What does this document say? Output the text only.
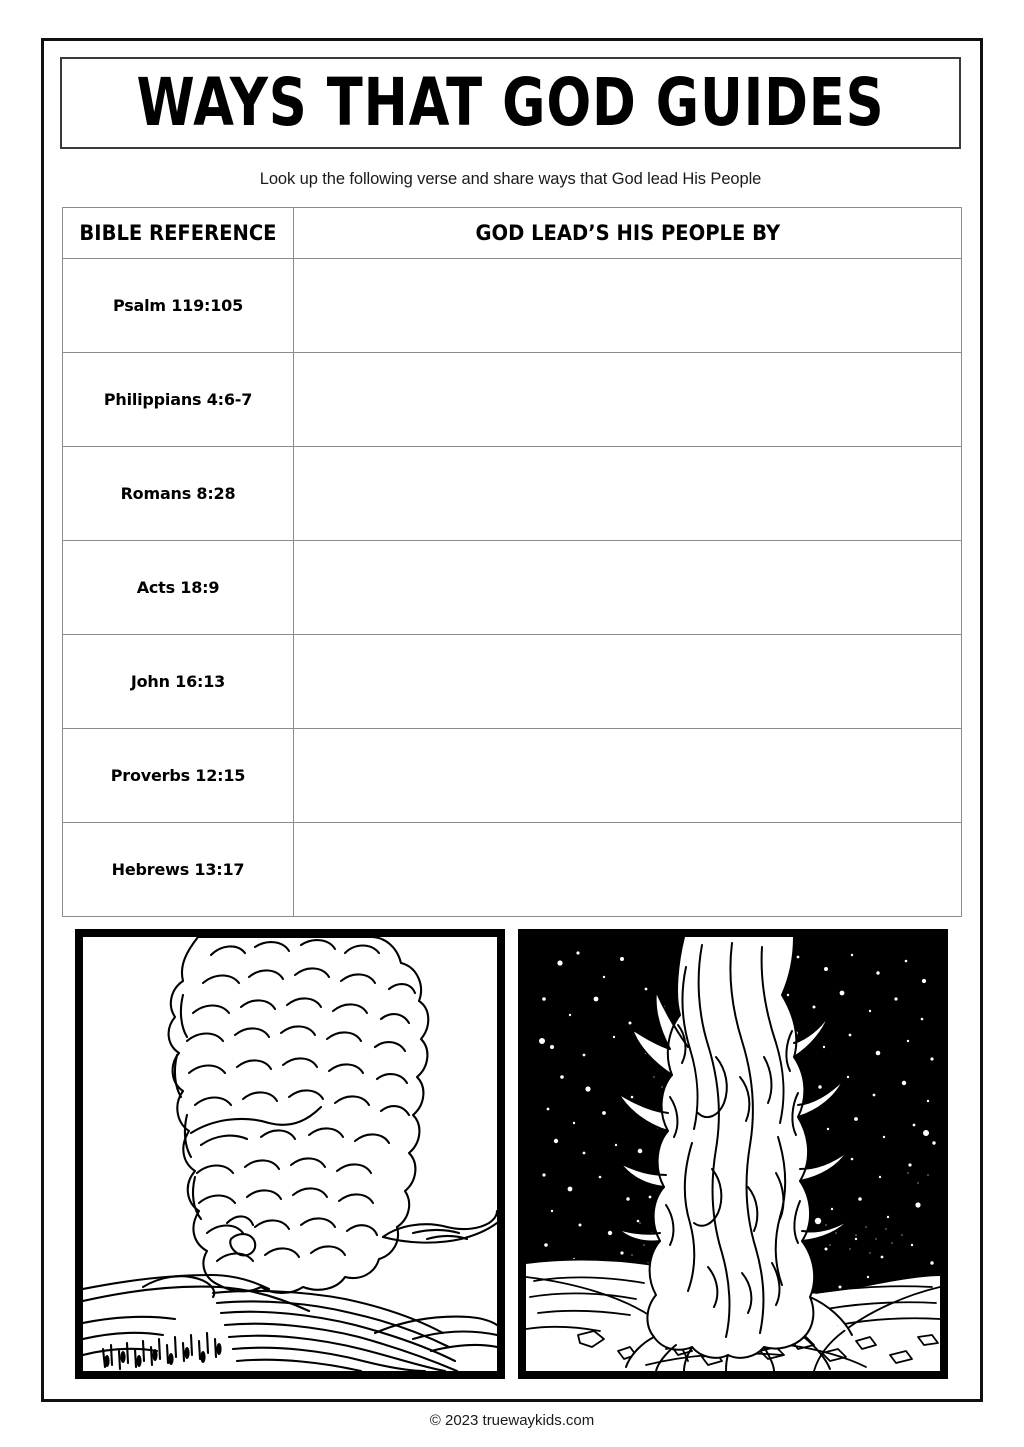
WAYS THAT GOD GUIDES
Look up the following verse and share ways that God lead His People
BIBLE REFERENCE	GOD LEAD’S HIS PEOPLE BY
Psalm 119:105	
Philippians 4:6-7	
Romans 8:28	
Acts 18:9	
John 16:13	
Proverbs 12:15	
Hebrews 13:17	
© 2023 truewaykids.com
